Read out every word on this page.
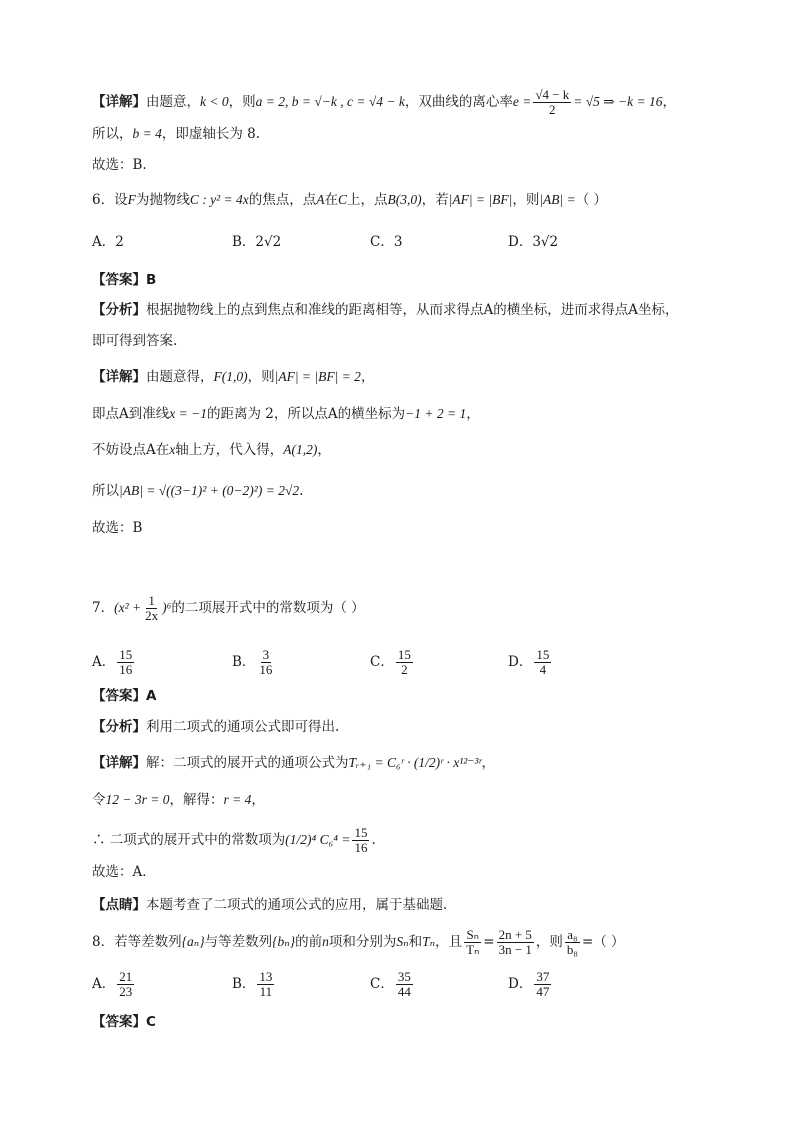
【详解】由题意，k < 0，则a = 2, b = √−k , c = √4 − k，双曲线的离心率$e = \frac{√4 - k}{2} = √5$ ⇒ −k = 16，
所以，b = 4，即虚轴长为 8.
故选：B.
6．设F为抛物线C : y² = 4x的焦点，点A在C上，点B(3,0)，若|AF| = |BF|，则|AB| =（ ）
A．2	B．2√2	C．3	D．3√2
【答案】B
【分析】根据抛物线上的点到焦点和准线的距离相等，从而求得点A的横坐标，进而求得点A坐标，
即可得到答案.
【详解】由题意得，F(1,0)，则|AF| = |BF| = 2，
即点A到准线x = −1的距离为 2，所以点A的横坐标为−1 + 2 = 1，
不妨设点A在x轴上方，代入得，A(1,2)，
所以|AB| = √((3−1)² + (0−2)²) = 2√2.
故选：B
7．$(x^2 + \frac{1}{2x} )^6$的二项展开式中的常数项为（ ）
A． $\frac{15}{16}$	B． $\frac{3}{16}$	C． $\frac{15}{2}$	D． $\frac{15}{4}$
【答案】A
【分析】利用二项式的通项公式即可得出.
【详解】解：二项式的展开式的通项公式为Tᵣ₊₁ = C₆ʳ · (1/2)ʳ · x¹²⁻³ʳ，
令12 − 3r = 0，解得：r = 4，
∴ 二项式的展开式中的常数项为(1/2)⁴ $C_6^4 = \frac{15}{16}$ .
故选：A．
【点睛】本题考查了二项式的通项公式的应用，属于基础题．
8．若等差数列{aₙ}与等差数列{bₙ}的前n项和分别为Sₙ和Tₙ，且 $\frac{\text{Sₙ}}{\text{Tₙ}} = \frac{2n + 5}{3n - 1}$ ，则 $\frac{\text{a₈}}{\text{b₈}}$ =（ ）
A． $\frac{21}{23}$	B． $\frac{13}{11}$	C． $\frac{35}{44}$	D． $\frac{37}{47}$
【答案】C
